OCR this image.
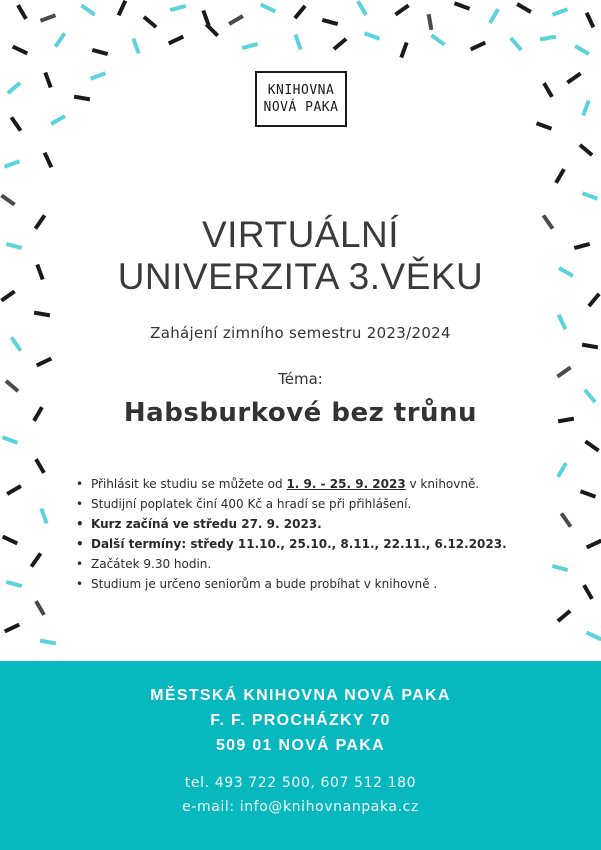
KNIHOVNA
NOVÁ PAKA
VIRTUÁLNÍ
UNIVERZITA 3.VĚKU
Zahájení zimního semestru 2023/2024
Téma:
Habsburkové bez trůnu
• Přihlásit ke studiu se můžete od 1. 9. - 25. 9. 2023 v knihovně.
• Studijní poplatek činí 400 Kč a hradí se při přihlášení.
• Kurz začíná ve středu 27. 9. 2023.
• Další termíny: středy 11.10., 25.10., 8.11., 22.11., 6.12.2023.
• Začátek 9.30 hodin.
• Studium je určeno seniorům a bude probíhat v knihovně .
MĚSTSKÁ KNIHOVNA NOVÁ PAKA
F. F. PROCHÁZKY 70
509 01 NOVÁ PAKA
tel. 493 722 500, 607 512 180
e-mail: info@knihovnanpaka.cz
